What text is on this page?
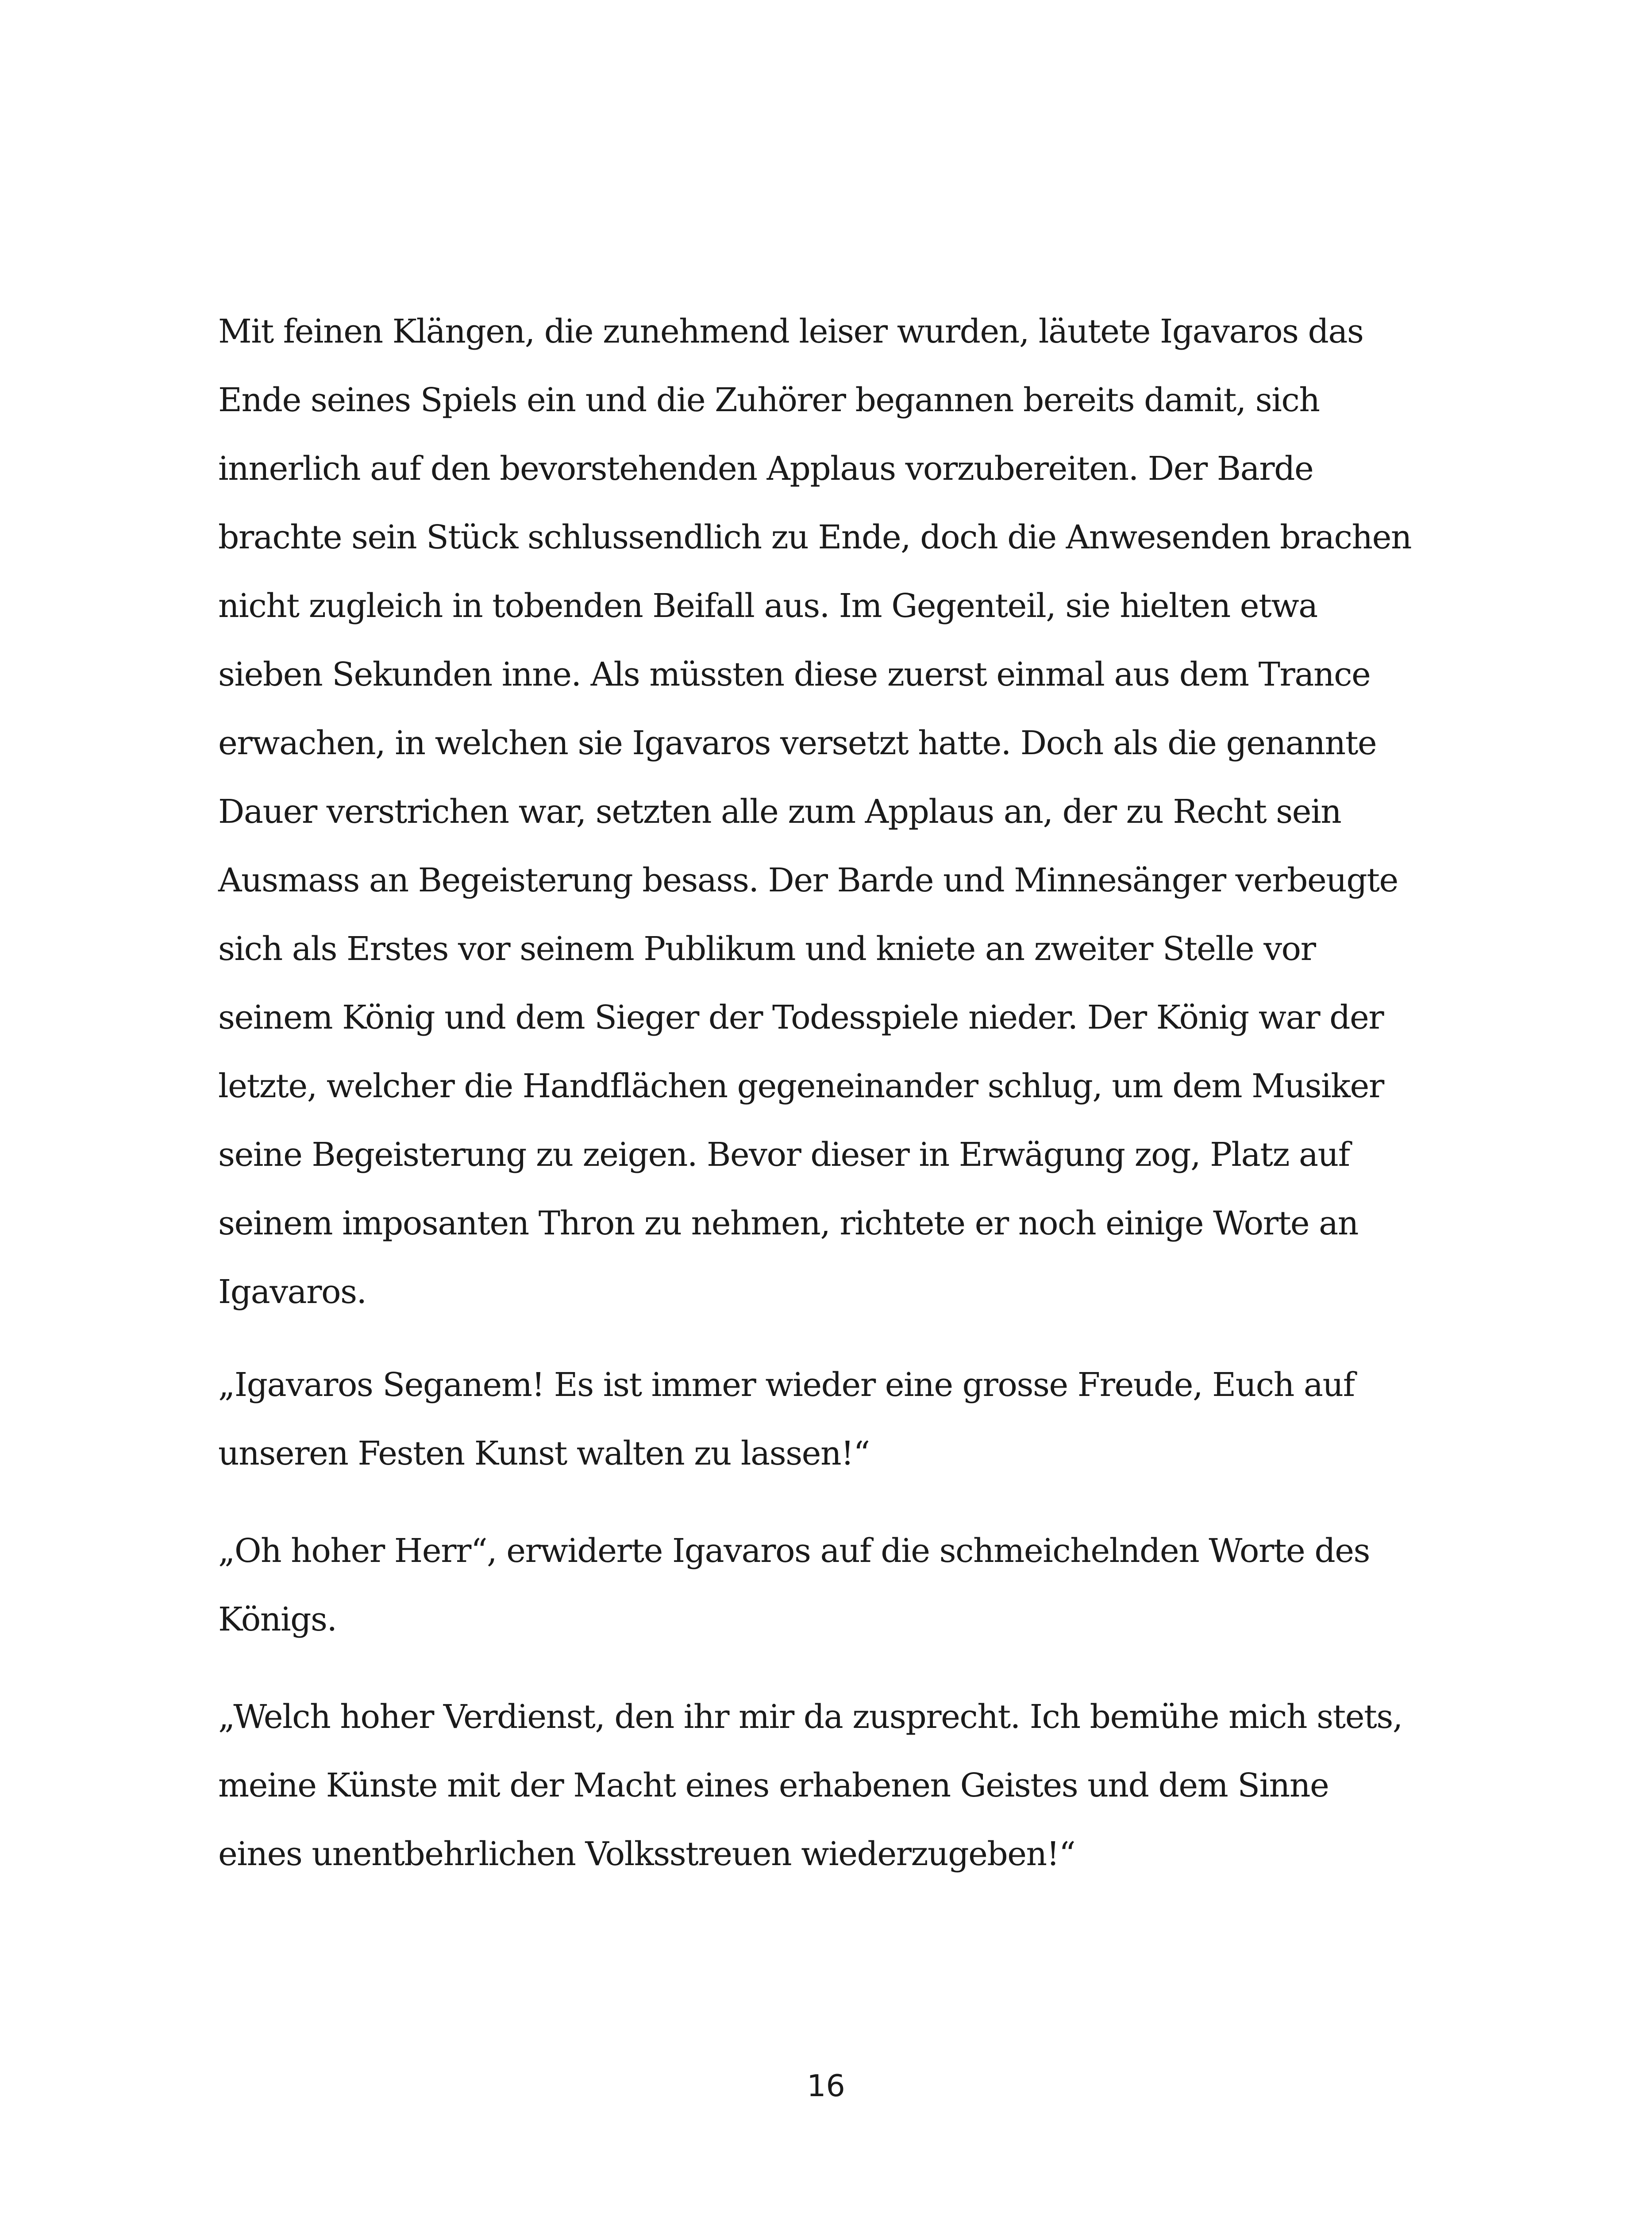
Mit feinen Klängen, die zunehmend leiser wurden, läutete Igavaros das
Ende seines Spiels ein und die Zuhörer begannen bereits damit, sich
innerlich auf den bevorstehenden Applaus vorzubereiten. Der Barde
brachte sein Stück schlussendlich zu Ende, doch die Anwesenden brachen
nicht zugleich in tobenden Beifall aus. Im Gegenteil, sie hielten etwa
sieben Sekunden inne. Als müssten diese zuerst einmal aus dem Trance
erwachen, in welchen sie Igavaros versetzt hatte. Doch als die genannte
Dauer verstrichen war, setzten alle zum Applaus an, der zu Recht sein
Ausmass an Begeisterung besass. Der Barde und Minnesänger verbeugte
sich als Erstes vor seinem Publikum und kniete an zweiter Stelle vor
seinem König und dem Sieger der Todesspiele nieder. Der König war der
letzte, welcher die Handflächen gegeneinander schlug, um dem Musiker
seine Begeisterung zu zeigen. Bevor dieser in Erwägung zog, Platz auf
seinem imposanten Thron zu nehmen, richtete er noch einige Worte an
Igavaros.
„Igavaros Seganem! Es ist immer wieder eine grosse Freude, Euch auf
unseren Festen Kunst walten zu lassen!“
„Oh hoher Herr“, erwiderte Igavaros auf die schmeichelnden Worte des
Königs.
„Welch hoher Verdienst, den ihr mir da zusprecht. Ich bemühe mich stets,
meine Künste mit der Macht eines erhabenen Geistes und dem Sinne
eines unentbehrlichen Volksstreuen wiederzugeben!“
16
